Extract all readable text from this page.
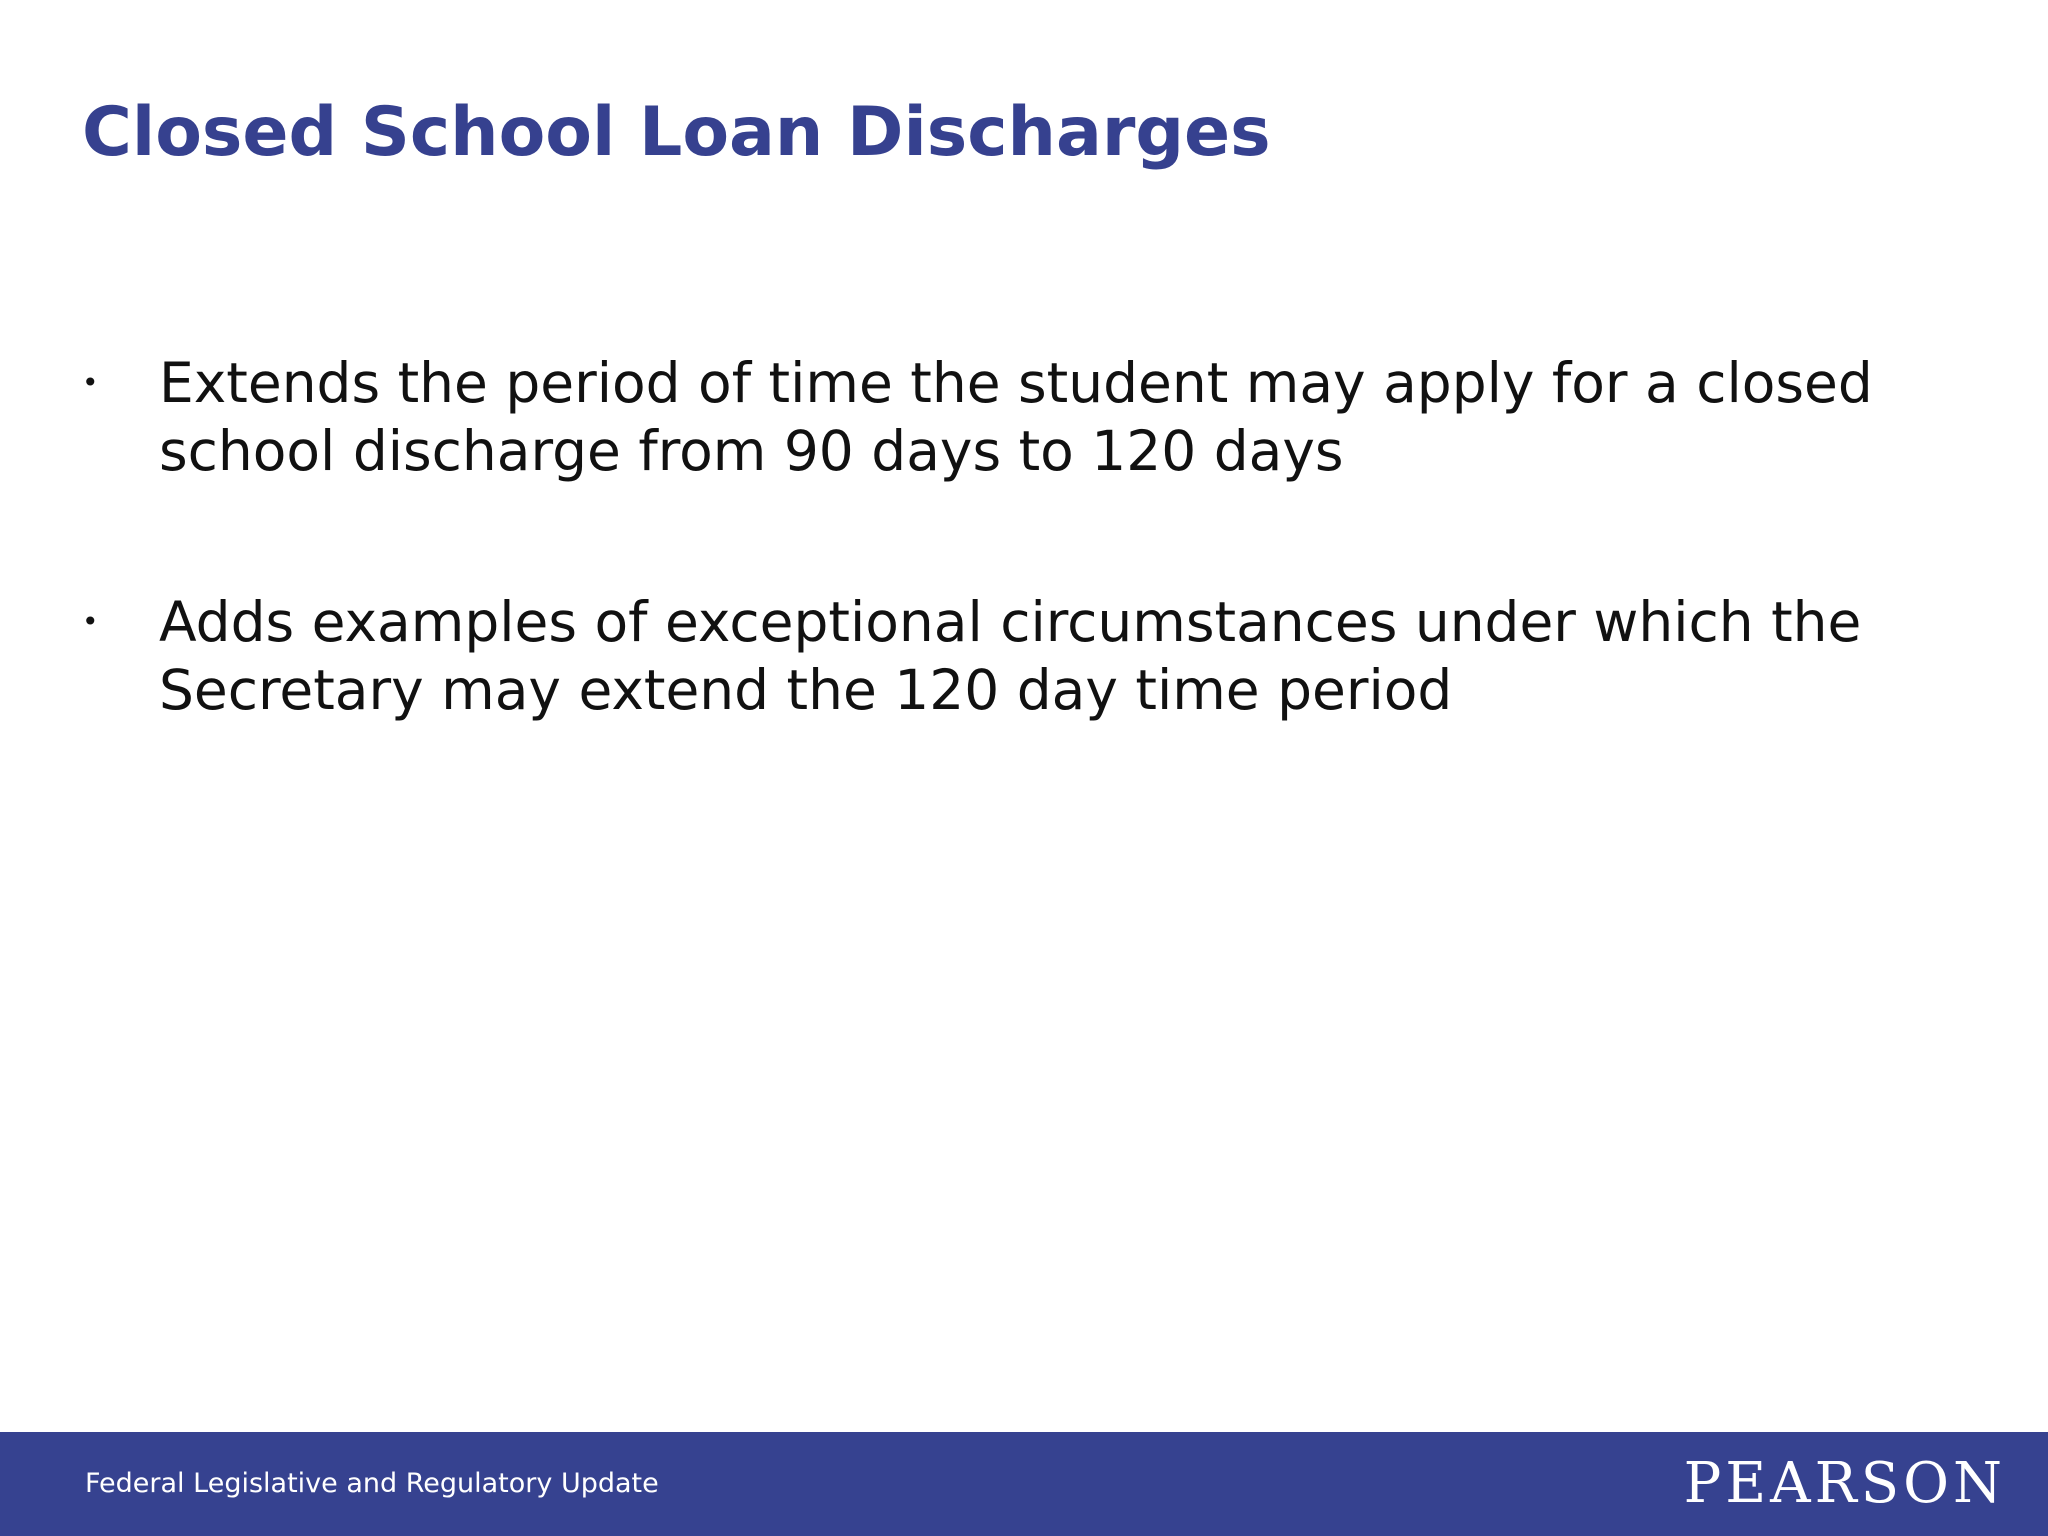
Closed School Loan Discharges
• Extends the period of time the student may apply for a closed school discharge from 90 days to 120 days
• Adds examples of exceptional circumstances under which the Secretary may extend the 120 day time period
Federal Legislative and Regulatory Update	PEARSON
